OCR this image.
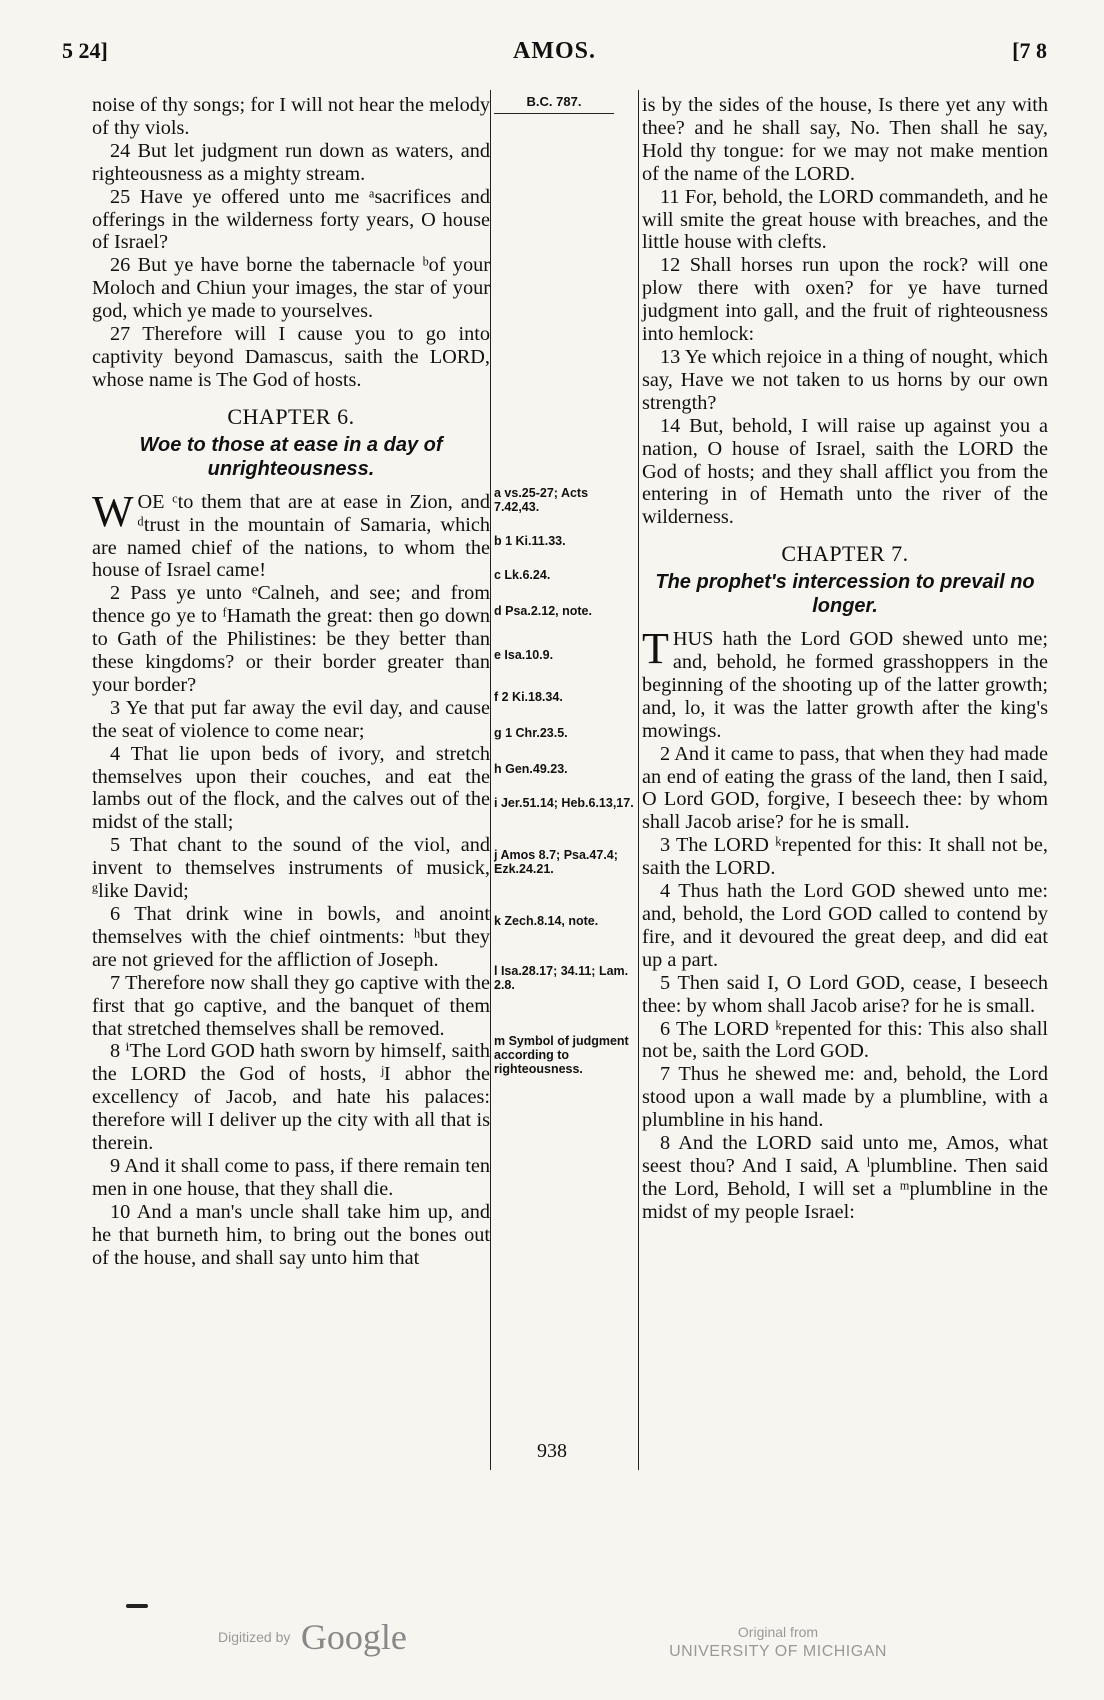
5 24]	AMOS.	[7 8

noise of thy songs; for I will not hear the melody of thy viols.

24 But let judgment run down as waters, and righteousness as a mighty stream.

25 Have ye offered unto me ᵃsacrifices and offerings in the wilderness forty years, O house of Israel?

26 But ye have borne the tabernacle ᵇof your Moloch and Chiun your images, the star of your god, which ye made to yourselves.

27 Therefore will I cause you to go into captivity beyond Damascus, saith the LORD, whose name is The God of hosts.

CHAPTER 6.
Woe to those at ease in a day of unrighteousness.

WOE ᶜto them that are at ease in Zion, and ᵈtrust in the mountain of Samaria, which are named chief of the nations, to whom the house of Israel came!

2 Pass ye unto ᵉCalneh, and see; and from thence go ye to ᶠHamath the great: then go down to Gath of the Philistines: be they better than these kingdoms? or their border greater than your border?

3 Ye that put far away the evil day, and cause the seat of violence to come near;

4 That lie upon beds of ivory, and stretch themselves upon their couches, and eat the lambs out of the flock, and the calves out of the midst of the stall;

5 That chant to the sound of the viol, and invent to themselves instruments of musick, ᵍlike David;

6 That drink wine in bowls, and anoint themselves with the chief ointments: ʰbut they are not grieved for the affliction of Joseph.

7 Therefore now shall they go captive with the first that go captive, and the banquet of them that stretched themselves shall be removed.

8 ⁱThe Lord GOD hath sworn by himself, saith the LORD the God of hosts, ʲI abhor the excellency of Jacob, and hate his palaces: therefore will I deliver up the city with all that is therein.

9 And it shall come to pass, if there remain ten men in one house, that they shall die.

10 And a man's uncle shall take him up, and he that burneth him, to bring out the bones out of the house, and shall say unto him that

B.C. 787.
a vs.25-27; Acts 7.42,43.
b 1 Ki.11.33.
c Lk.6.24.
d Psa.2.12, note.
e Isa.10.9.
f 2 Ki.18.34.
g 1 Chr.23.5.
h Gen.49.23.
i Jer.51.14; Heb.6.13,17.
j Amos 8.7; Psa.47.4; Ezk.24.21.
k Zech.8.14, note.
l Isa.28.17; 34.11; Lam. 2.8.
m Symbol of judgment according to righteousness.

is by the sides of the house, Is there yet any with thee? and he shall say, No. Then shall he say, Hold thy tongue: for we may not make mention of the name of the LORD.

11 For, behold, the LORD commandeth, and he will smite the great house with breaches, and the little house with clefts.

12 Shall horses run upon the rock? will one plow there with oxen? for ye have turned judgment into gall, and the fruit of righteousness into hemlock:

13 Ye which rejoice in a thing of nought, which say, Have we not taken to us horns by our own strength?

14 But, behold, I will raise up against you a nation, O house of Israel, saith the LORD the God of hosts; and they shall afflict you from the entering in of Hemath unto the river of the wilderness.

CHAPTER 7.
The prophet's intercession to prevail no longer.

THUS hath the Lord GOD shewed unto me; and, behold, he formed grasshoppers in the beginning of the shooting up of the latter growth; and, lo, it was the latter growth after the king's mowings.

2 And it came to pass, that when they had made an end of eating the grass of the land, then I said, O Lord GOD, forgive, I beseech thee: by whom shall Jacob arise? for he is small.

3 The LORD ᵏrepented for this: It shall not be, saith the LORD.

4 Thus hath the Lord GOD shewed unto me: and, behold, the Lord GOD called to contend by fire, and it devoured the great deep, and did eat up a part.

5 Then said I, O Lord GOD, cease, I beseech thee: by whom shall Jacob arise? for he is small.

6 The LORD ᵏrepented for this: This also shall not be, saith the Lord GOD.

7 Thus he shewed me: and, behold, the Lord stood upon a wall made by a plumbline, with a plumbline in his hand.

8 And the LORD said unto me, Amos, what seest thou? And I said, A ˡplumbline. Then said the Lord, Behold, I will set a ᵐplumbline in the midst of my people Israel:

938
Digitized by Google	Original from
UNIVERSITY OF MICHIGAN
